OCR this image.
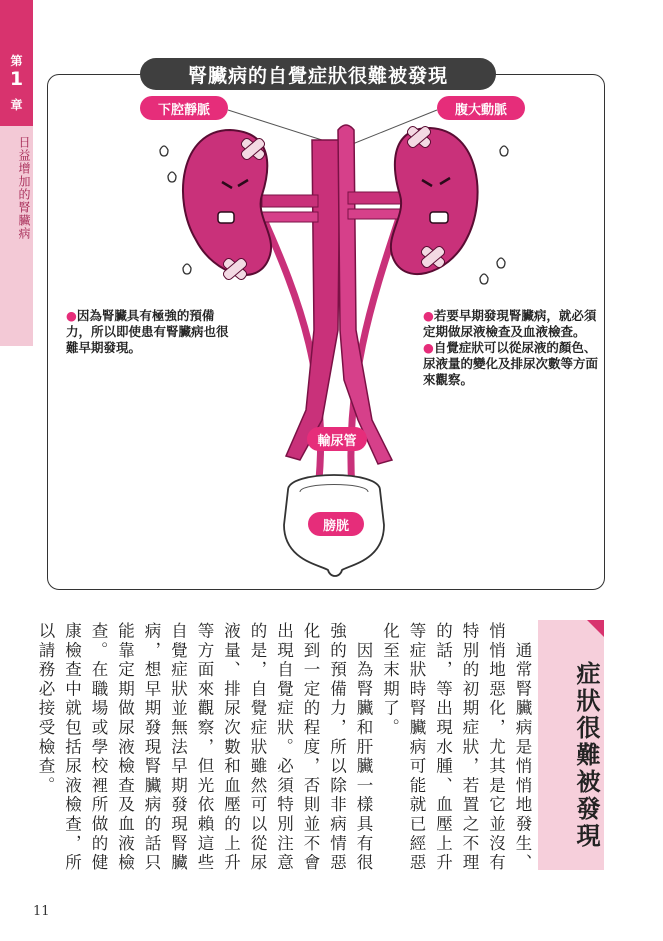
第
1
章
日益增加的腎臟病
腎臟病的自覺症狀很難被發現
下腔靜脈	腹大動脈
輸尿管
膀胱

●因為腎臟具有極強的預備力，所以即使患有腎臟病也很難早期發現。

●若要早期發現腎臟病，就必須定期做尿液檢查及血液檢查。

●自覺症狀可以從尿液的顏色、尿液量的變化及排尿次數等方面來觀察。

症狀很難被發現

　通常腎臟病是悄悄地發生、悄悄地惡化，尤其是它並沒有特別的初期症狀，若置之不理的話，等出現水腫、血壓上升等症狀時腎臟病可能就已經惡化至末期了。

　因為腎臟和肝臟一樣具有很強的預備力，所以除非病情惡化到一定的程度，否則並不會出現自覺症狀。必須特別注意的是，自覺症狀雖然可以從尿液量、排尿次數和血壓的上升等方面來觀察，但光依賴這些自覺症狀並無法早期發現腎臟病，想早期發現腎臟病的話只能靠定期做尿液檢查及血液檢查。在職場或學校裡所做的健康檢查中就包括尿液檢查，所以請務必接受檢查。

11
